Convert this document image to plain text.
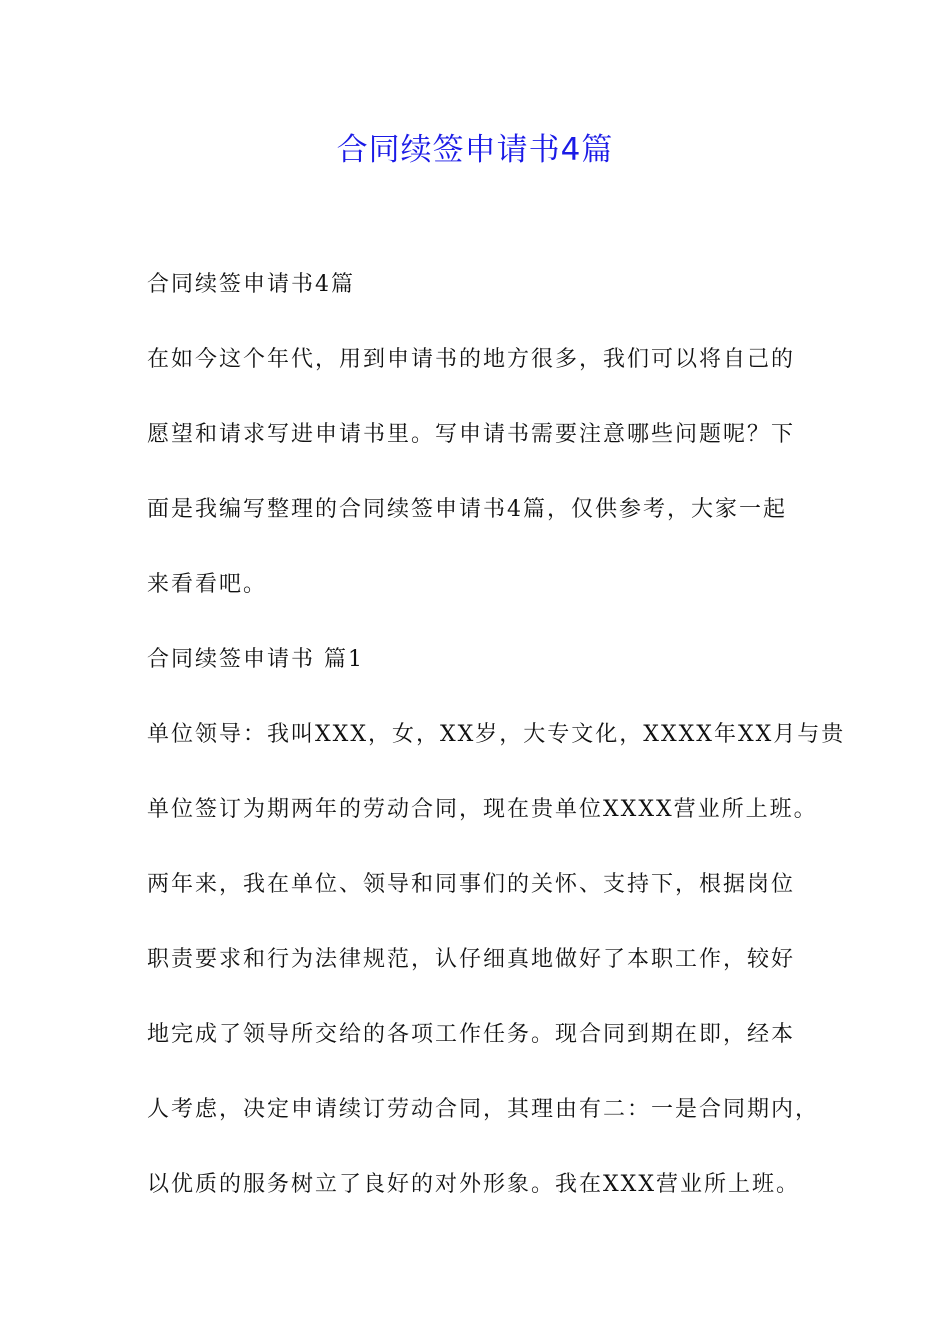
合同续签申请书4篇
合同续签申请书4篇
在如今这个年代，用到申请书的地方很多，我们可以将自己的
愿望和请求写进申请书里。写申请书需要注意哪些问题呢？下
面是我编写整理的合同续签申请书4篇，仅供参考，大家一起
来看看吧。
合同续签申请书 篇1
单位领导：我叫XXX，女，XX岁，大专文化，XXXX年XX月与贵
单位签订为期两年的劳动合同，现在贵单位XXXX营业所上班。
两年来，我在单位、领导和同事们的关怀、支持下，根据岗位
职责要求和行为法律规范，认仔细真地做好了本职工作，较好
地完成了领导所交给的各项工作任务。现合同到期在即，经本
人考虑，决定申请续订劳动合同，其理由有二：一是合同期内，
以优质的服务树立了良好的对外形象。我在XXX营业所上班。
